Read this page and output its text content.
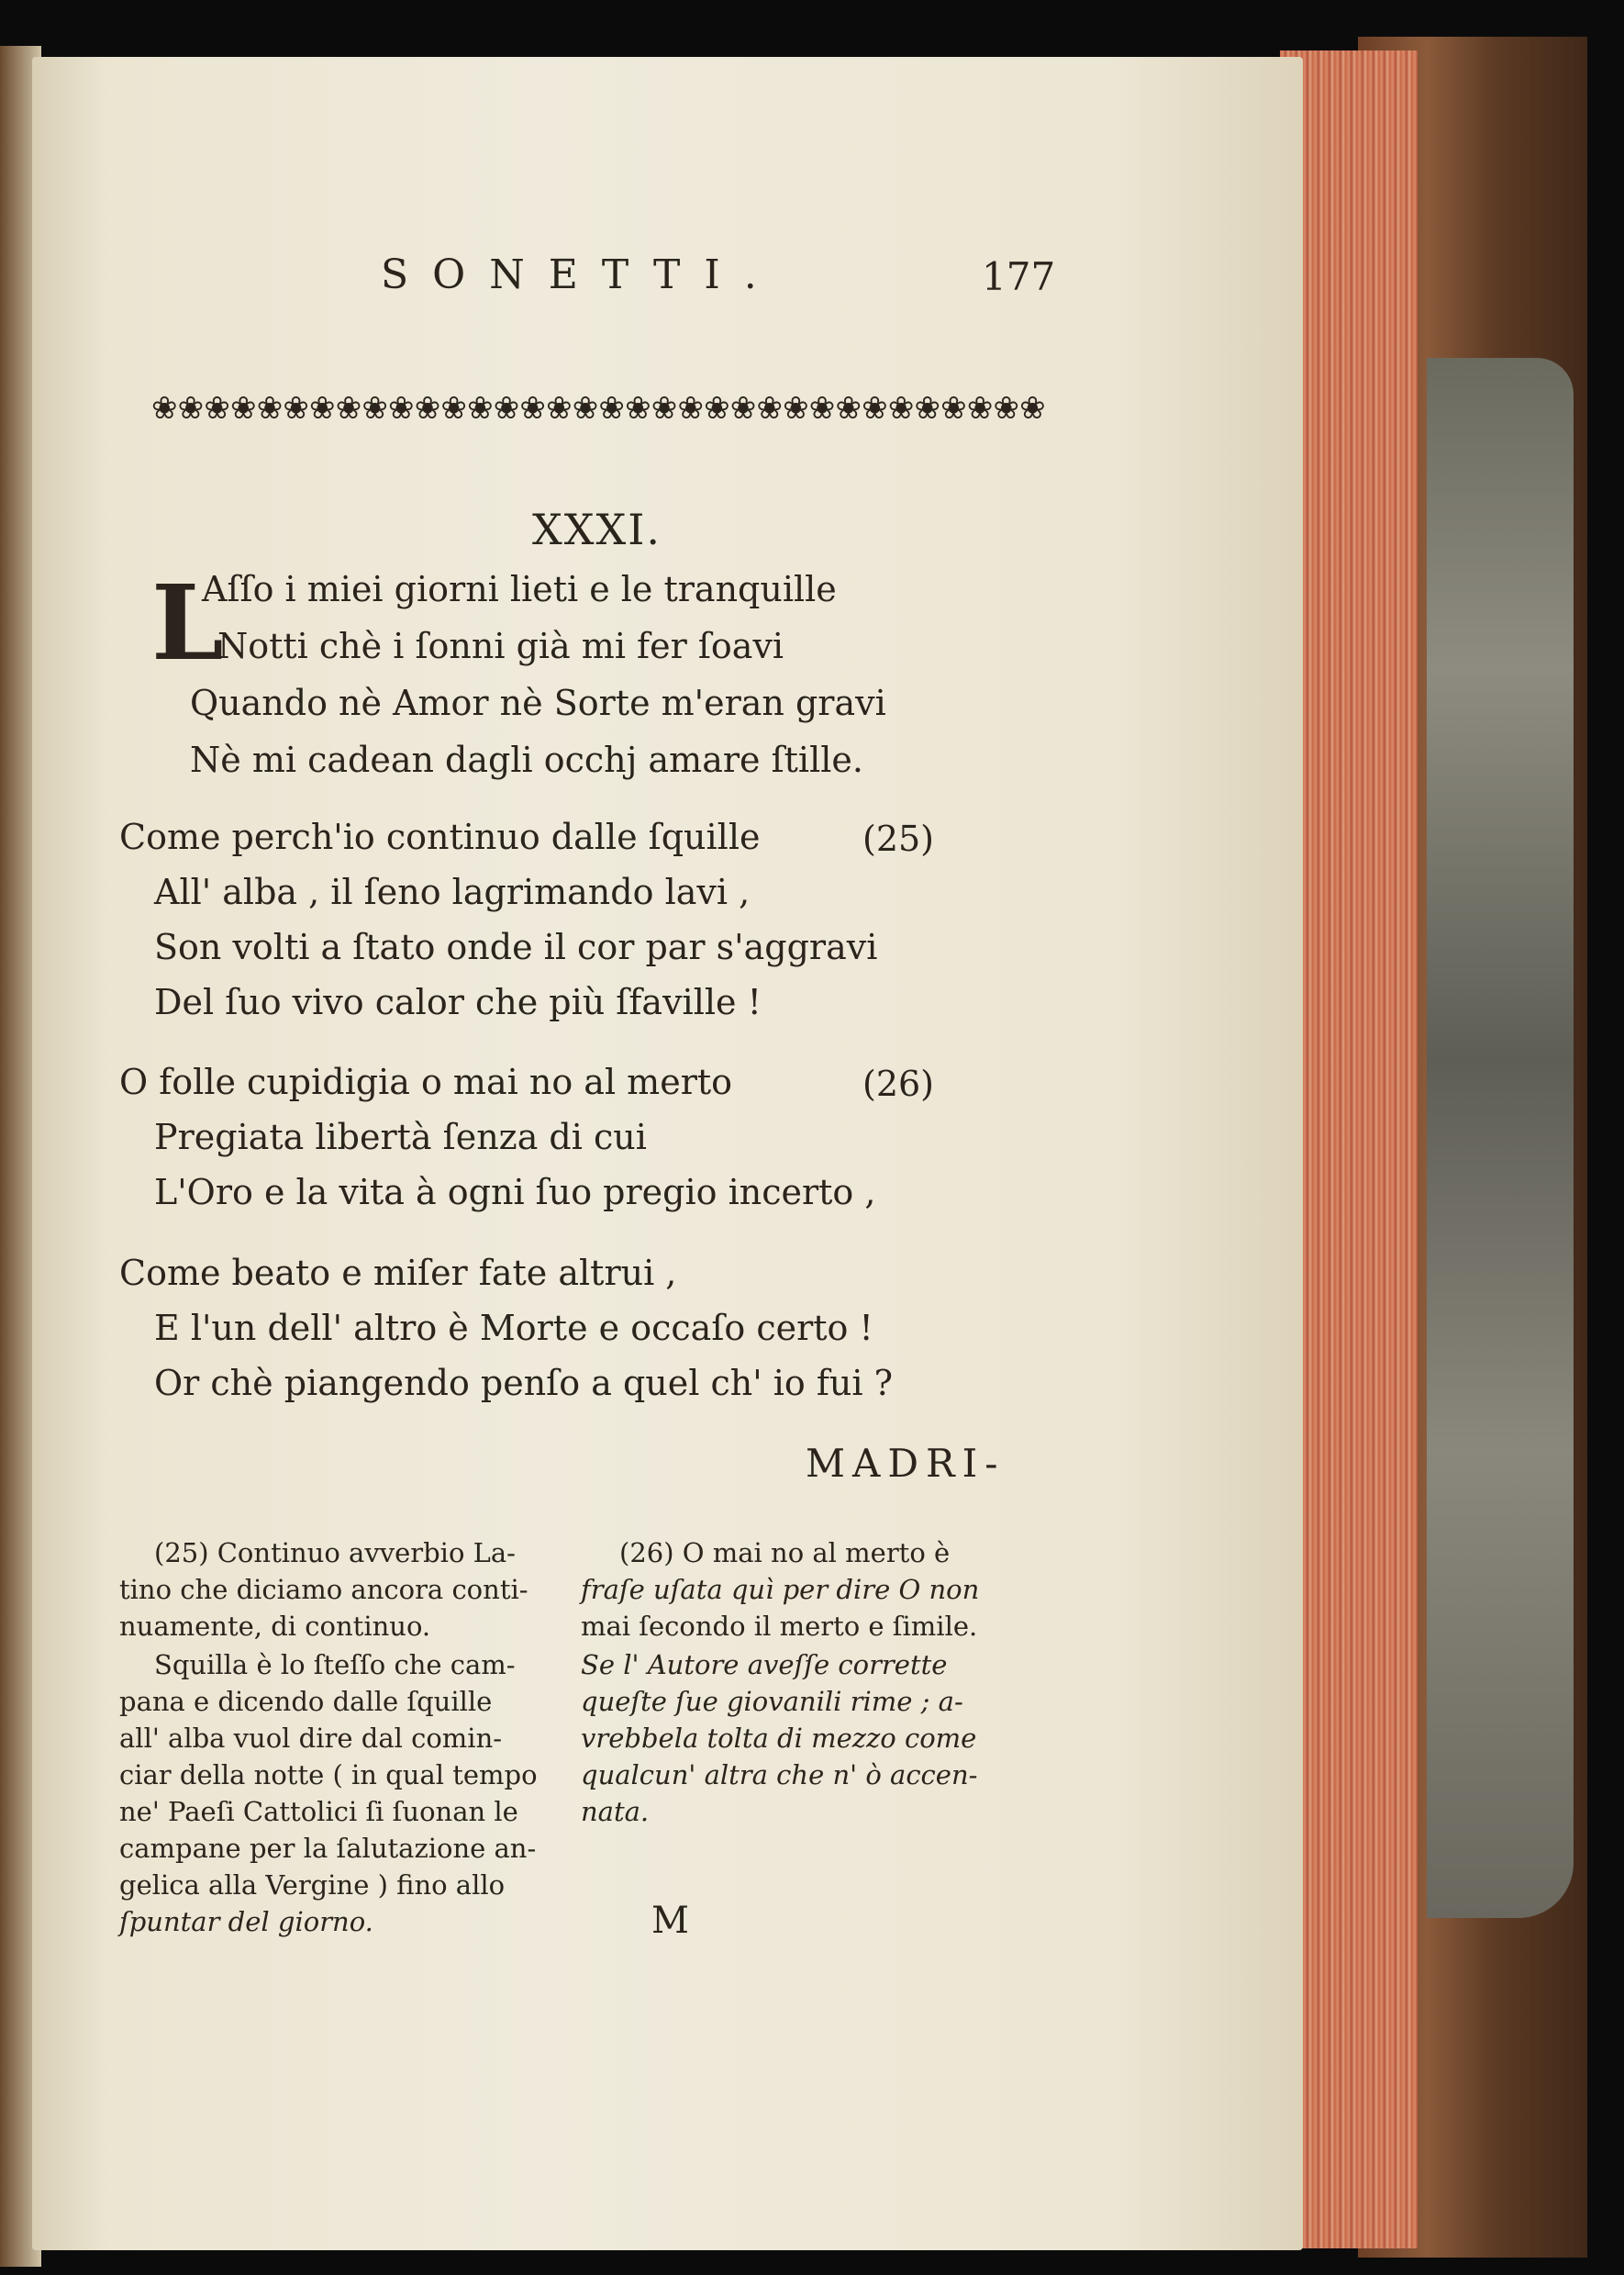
SONETTI.	177
❀ ❀ ❀ ❀ ❀ ❀ ❀ ❀ ❀ ❀ ❀ ❀ ❀ ❀ ❀ ❀ ❀ ❀ ❀ ❀ ❀ ❀ ❀ ❀ ❀ ❀ ❀ ❀ ❀ ❀ ❀ ❀ ❀ ❀
XXXI.
L
Aſſo i miei giorni lieti e le tranquille
Notti chè i ſonni già mi fer ſoavi
Quando nè Amor nè Sorte m'eran gravi
Nè mi cadean dagli occhj amare ſtille.
Come perch'io continuo dalle ſquille	(25)
All' alba , il ſeno lagrimando lavi ,
Son volti a ſtato onde il cor par s'aggravi
Del ſuo vivo calor che più ſfaville !
O folle cupidigia o mai no al merto	(26)
Pregiata libertà ſenza di cui
L'Oro e la vita à ogni ſuo pregio incerto ,
Come beato e miſer fate altrui ,
E l'un dell' altro è Morte e occaſo certo !
Or chè piangendo penſo a quel ch' io fui ?
MADRI-
(25) Continuo avverbio La-
tino che diciamo ancora conti-
nuamente, di continuo.
Squilla è lo ſteſſo che cam-
pana e dicendo dalle ſquille
all' alba vuol dire dal comin-
ciar della notte ( in qual tempo
ne' Paeſi Cattolici ſi ſuonan le
campane per la ſalutazione an-
gelica alla Vergine ) fino allo
ſpuntar del giorno.
(26) O mai no al merto è
fraſe uſata quì per dire O non
mai ſecondo il merto e ſimile.
Se l' Autore aveſſe corrette
queſte ſue giovanili rime ; a-
vrebbela tolta di mezzo come
qualcun' altra che n' ò accen-
nata.
M
